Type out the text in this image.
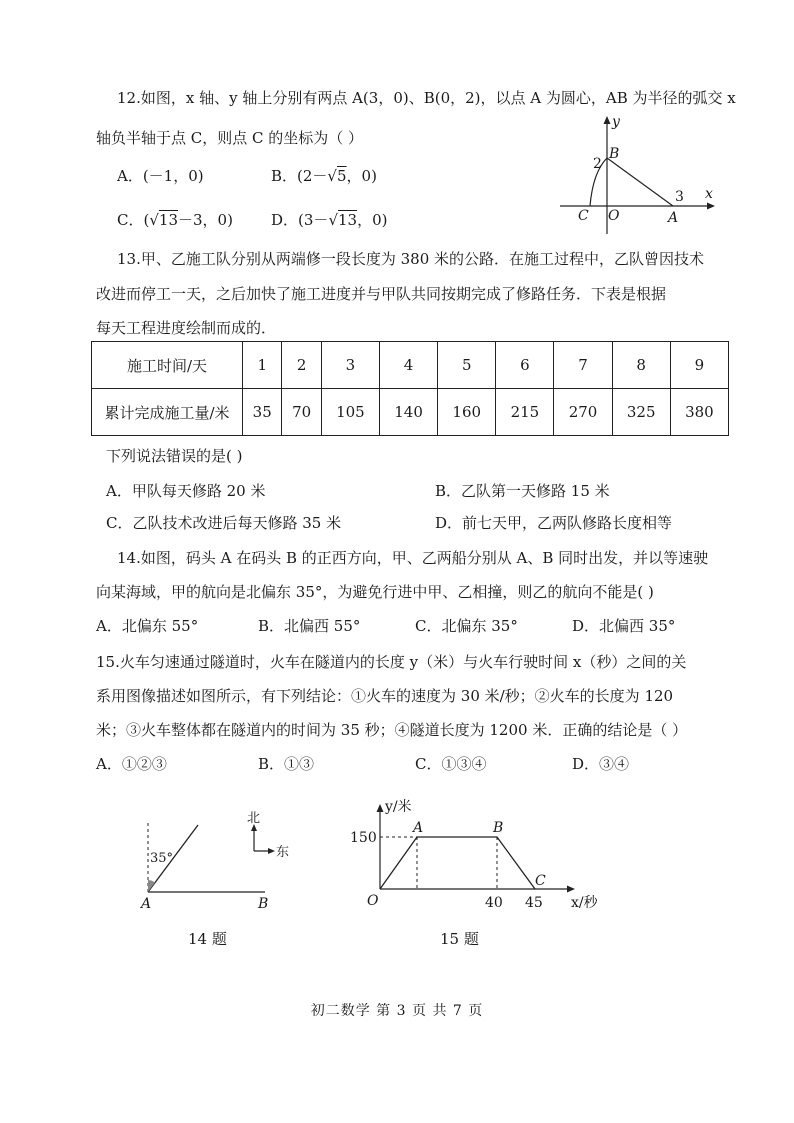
12.如图，x 轴、y 轴上分别有两点 A(3，0)、B(0，2)，以点 A 为圆心，AB 为半径的弧交 x
轴负半轴于点 C，则点 C 的坐标为（ ）
A．(－1，0)	B．(2－√5，0)
C．(√13－3，0)	D．(3－√13，0)
y
x
B
2
3
C O	A
13.甲、乙施工队分别从两端修一段长度为 380 米的公路．在施工过程中，乙队曾因技术
改进而停工一天，之后加快了施工进度并与甲队共同按期完成了修路任务．下表是根据
每天工程进度绘制而成的．
施工时间/天	1	2	3	4	5	6	7	8	9
累计完成施工量/米	35	70	105	140	160	215	270	325	380
下列说法错误的是( )
A．甲队每天修路 20 米	B．乙队第一天修路 15 米
C．乙队技术改进后每天修路 35 米	D．前七天甲，乙两队修路长度相等
14.如图，码头 A 在码头 B 的正西方向，甲、乙两船分别从 A、B 同时出发，并以等速驶
向某海域，甲的航向是北偏东 35°，为避免行进中甲、乙相撞，则乙的航向不能是( )
A．北偏东 55°	B．北偏西 55°	C．北偏东 35°	D．北偏西 35°
15.火车匀速通过隧道时，火车在隧道内的长度 y（米）与火车行驶时间 x（秒）之间的关
系用图像描述如图所示，有下列结论：①火车的速度为 30 米/秒；②火车的长度为 120
米；③火车整体都在隧道内的时间为 35 秒；④隧道长度为 1200 米．正确的结论是（ ）
A．①②③	B．①③	C．①③④	D．③④
35°
A	B
北
东
14 题
y/米
150
O
A	B
C
40 45 x/秒
15 题
初二数学 第 3 页 共 7 页
